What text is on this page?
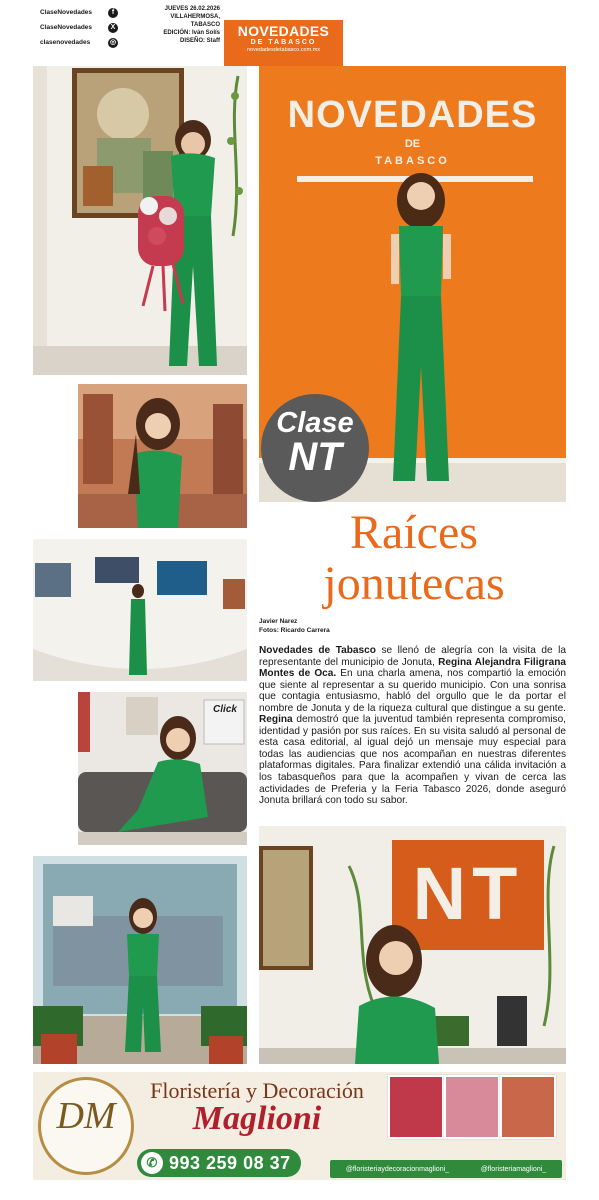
ClaseNovedades	f
ClaseNovedades	X
clasenovedades	◎
JUEVES 26.02.2026
VILLAHERMOSA, TABASCO
EDICIÓN: Iván Solís
DISEÑO: Staff
NOVEDADES
DE TABASCO
novedadesdetabasco.com.mx
NOVEDADES
DE
TABASCO
Clase
NT
Click
NT
Raíces
jonutecas
Javier Narez
Fotos: Ricardo Carrera
Novedades de Tabasco se llenó de alegría con la visita de la representante del municipio de Jonuta, Regina Alejandra Filigrana Montes de Oca. En una charla amena, nos compartió la emoción que siente al representar a su querido municipio. Con una sonrisa que contagia entusiasmo, habló del orgullo que le da portar el nombre de Jonuta y de la riqueza cultural que distingue a su gente. Regina demostró que la juventud también representa compromiso, identidad y pasión por sus raíces. En su visita saludó al personal de esta casa editorial, al igual dejó un mensaje muy especial para todas las audiencias que nos acompañan en nuestras diferentes plataformas digitales. Para finalizar extendió una cálida invitación a los tabasqueños para que la acompañen y vivan de cerca las actividades de Preferia y la Feria Tabasco 2026, donde aseguró Jonuta brillará con todo su sabor.
DM
Floristería y Decoración
Maglioni
✆ 993 259 08 37	@floristeriaydecoracionmaglioni_	@floristeriamaglioni_
